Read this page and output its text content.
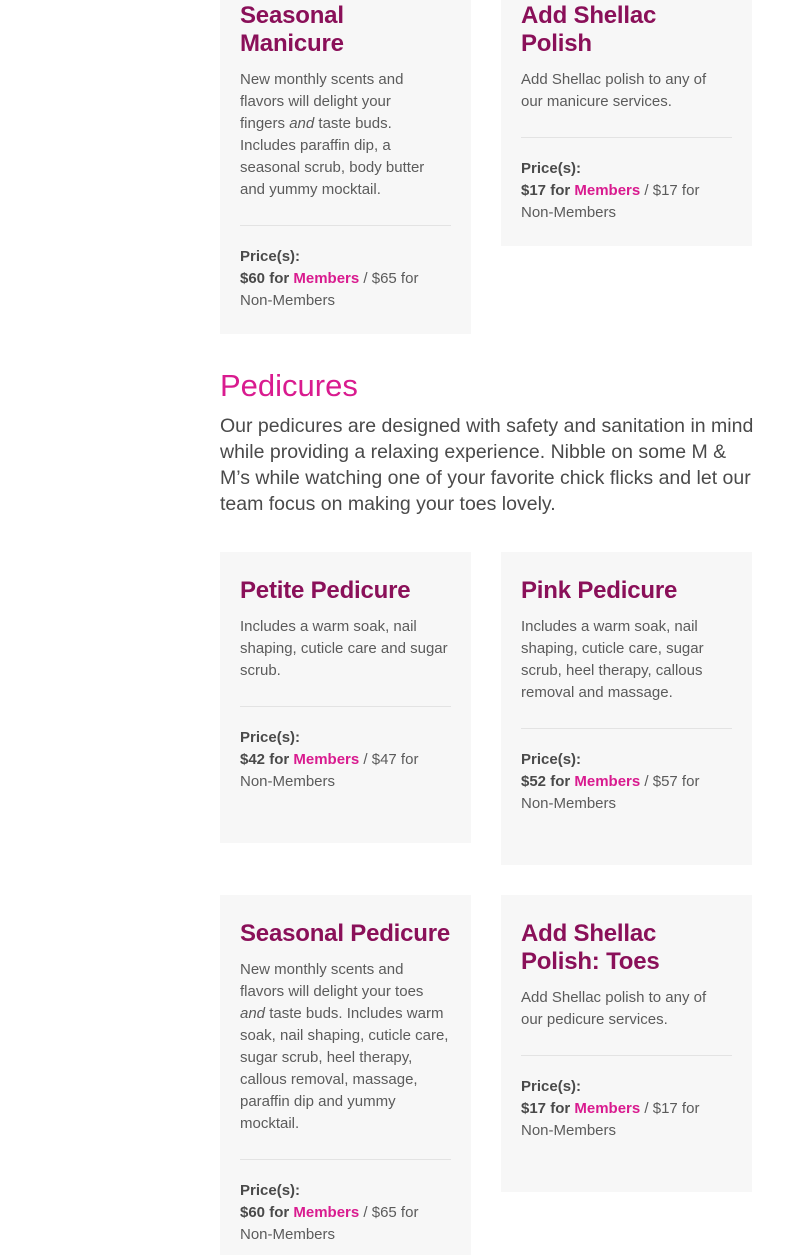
Seasonal Manicure

New monthly scents and flavors will delight your fingers and taste buds. Includes paraffin dip, a seasonal scrub, body butter and yummy mocktail.

Price(s):
$60 for Members / $65 for Non-Members
Add Shellac Polish

Add Shellac polish to any of our manicure services.

Price(s):
$17 for Members / $17 for Non-Members
Pedicures

Our pedicures are designed with safety and sanitation in mind while providing a relaxing experience. Nibble on some M & M’s while watching one of your favorite chick flicks and let our team focus on making your toes lovely.

Petite Pedicure

Includes a warm soak, nail shaping, cuticle care and sugar scrub.

Price(s):
$42 for Members / $47 for Non-Members
Pink Pedicure

Includes a warm soak, nail shaping, cuticle care, sugar scrub, heel therapy, callous removal and massage.

Price(s):
$52 for Members / $57 for Non-Members
Seasonal Pedicure

New monthly scents and flavors will delight your toes and taste buds. Includes warm soak, nail shaping, cuticle care, sugar scrub, heel therapy, callous removal, massage, paraffin dip and yummy mocktail.

Price(s):
$60 for Members / $65 for Non-Members
Add Shellac Polish: Toes

Add Shellac polish to any of our pedicure services.

Price(s):
$17 for Members / $17 for Non-Members
